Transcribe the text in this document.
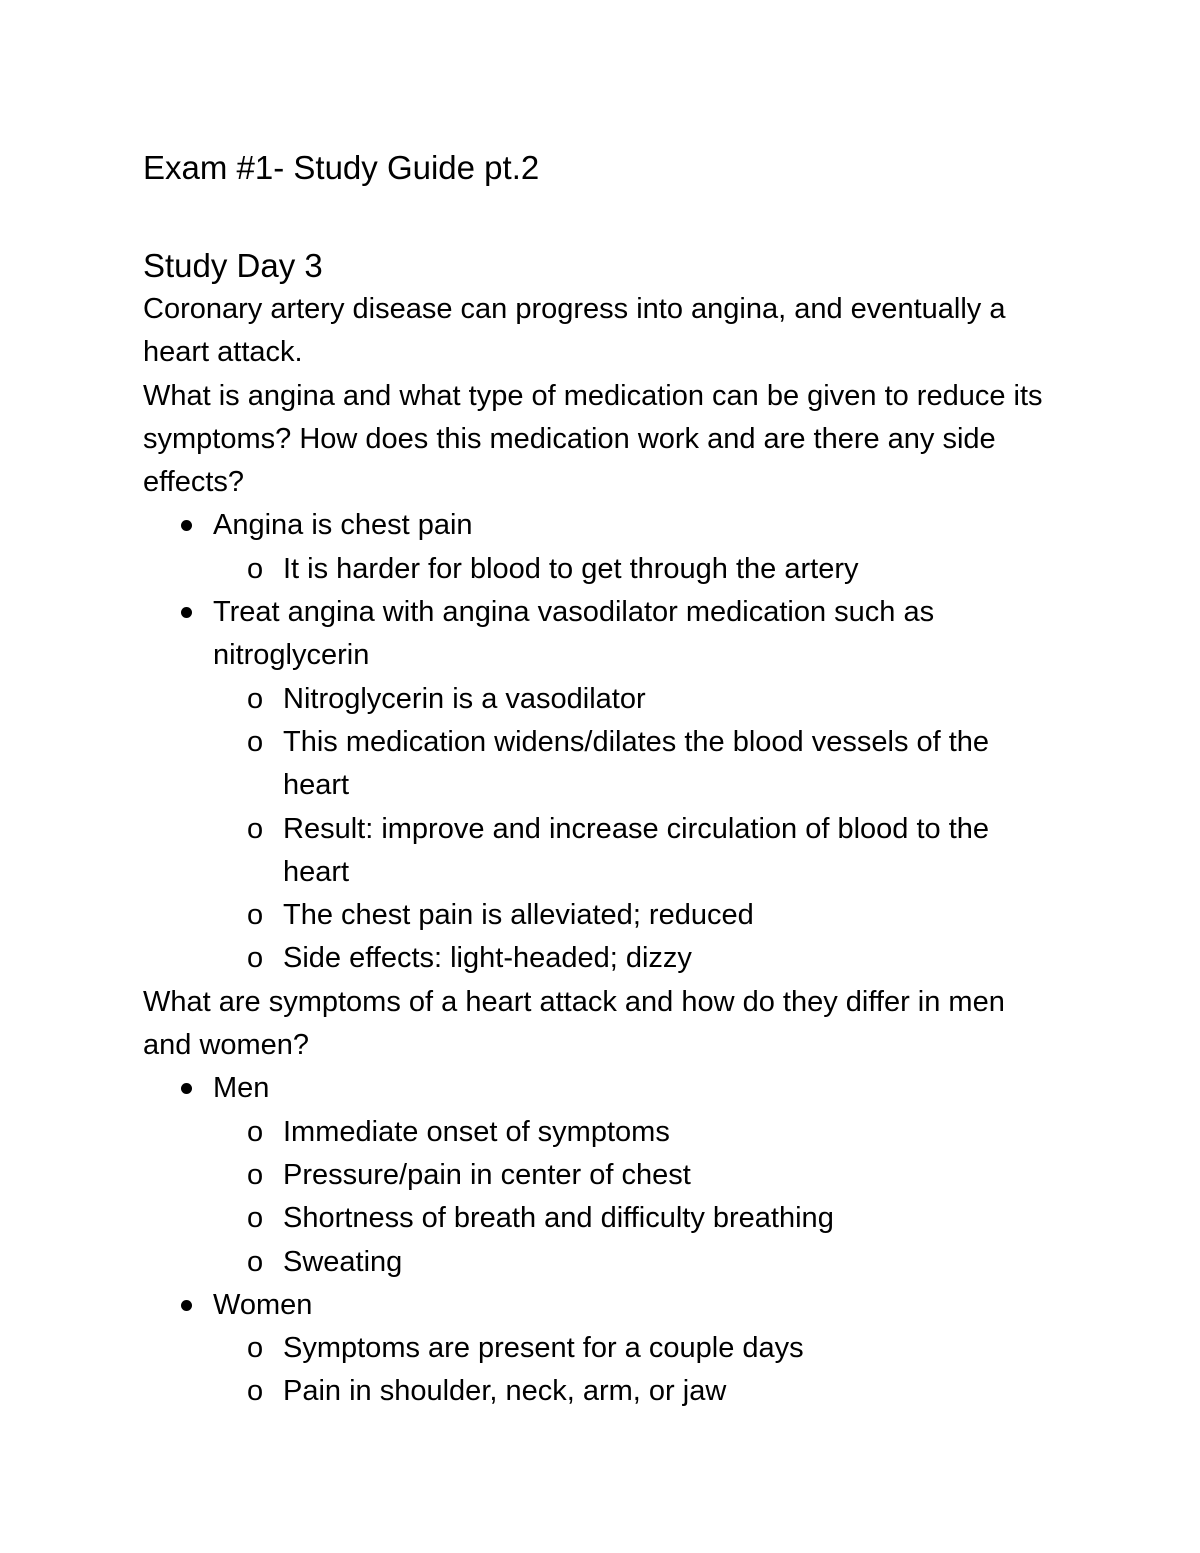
Exam #1- Study Guide pt.2
Study Day 3

Coronary artery disease can progress into angina, and eventually a heart attack.

What is angina and what type of medication can be given to reduce its symptoms? How does this medication work and are there any side effects?

Angina is chest pain
o It is harder for blood to get through the artery
Treat angina with angina vasodilator medication such as nitroglycerin
o Nitroglycerin is a vasodilator
o This medication widens/dilates the blood vessels of the heart
o Result: improve and increase circulation of blood to the heart
o The chest pain is alleviated; reduced
o Side effects: light-headed; dizzy

What are symptoms of a heart attack and how do they differ in men and women?

Men
o Immediate onset of symptoms
o Pressure/pain in center of chest
o Shortness of breath and difficulty breathing
o Sweating
Women
o Symptoms are present for a couple days
o Pain in shoulder, neck, arm, or jaw
